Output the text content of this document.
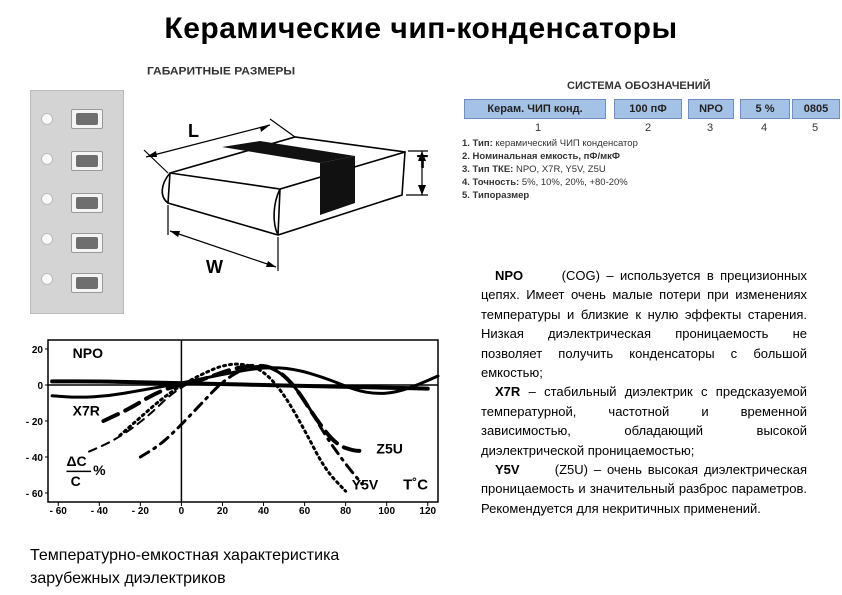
Керамические чип-конденсаторы
ГАБАРИТНЫЕ РАЗМЕРЫ
L
T
W
СИСТЕМА ОБОЗНАЧЕНИЙ
Керам. ЧИП конд.	100 пФ	NPO	5 %	0805
1	2	3	4	5
1. Тип: керамический ЧИП конденсатор
2. Номинальная емкость, пФ/мкФ
3. Тип ТКЕ: NPO, X7R, Y5V, Z5U
4. Точность: 5%, 10%, 20%, +80-20%
5. Типоразмер
- 60 - 40 - 20	0	20	40	60	80	100 120
20
0
- 20
- 40
- 60
NPO
X7R
Z5U
Y5V T˚C
ΔC
C
%

NPO	(COG) – используется в прецизионных цепях. Имеет очень малые потери при изменениях температуры и близкие к нулю эффекты старения. Низкая диэлектрическая проницаемость не позволяет получить конденсаторы с большой емкостью;

X7R – стабильный диэлектрик с предсказуемой температурной, частотной и временной зависимостью, обладающий высокой диэлектрической проницаемостью;

Y5V	(Z5U) – очень высокая диэлектрическая проницаемость и значительный разброс параметров. Рекомендуется для некритичных применений.

Температурно-емкостная характеристика
зарубежных диэлектриков
